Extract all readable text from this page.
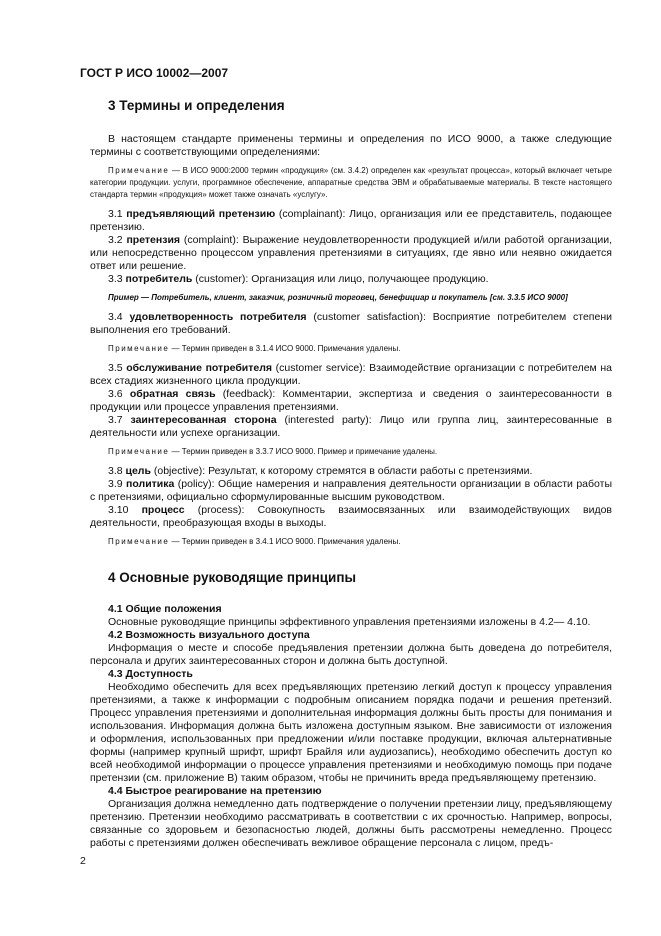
ГОСТ Р ИСО 10002—2007
3 Термины и определения

В настоящем стандарте применены термины и определения по ИСО 9000, а также следующие термины с соответствующими определениями:

Примечание — В ИСО 9000:2000 термин «продукция» (см. 3.4.2) определен как «результат процесса», который включает четыре категории продукции. услуги, программное обеспечение, аппаратные средства ЭВМ и обрабатываемые материалы. В тексте настоящего стандарта термин «продукция» может также означать «услугу».

3.1 предъявляющий претензию (complainant): Лицо, организация или ее представитель, подающее претензию.

3.2 претензия (complaint): Выражение неудовлетворенности продукцией и/или работой организации, или непосредственно процессом управления претензиями в ситуациях, где явно или неявно ожидается ответ или решение.

3.3 потребитель (customer): Организация или лицо, получающее продукцию.

Пример — Потребитель, клиент, заказчик, розничный торговец, бенефициар и покупатель [см. 3.3.5 ИСО 9000]

3.4 удовлетворенность потребителя (customer satisfaction): Восприятие потребителем степени выполнения его требований.

Примечание — Термин приведен в 3.1.4 ИСО 9000. Примечания удалены.

3.5 обслуживание потребителя (customer service): Взаимодействие организации с потребителем на всех стадиях жизненного цикла продукции.

3.6 обратная связь (feedback): Комментарии, экспертиза и сведения о заинтересованности в продукции или процессе управления претензиями.

3.7 заинтересованная сторона (interested party): Лицо или группа лиц, заинтересованные в деятельности или успехе организации.

Примечание — Термин приведен в 3.3.7 ИСО 9000. Пример и примечание удалены.

3.8 цель (objective): Результат, к которому стремятся в области работы с претензиями.

3.9 политика (policy): Общие намерения и направления деятельности организации в области работы с претензиями, официально сформулированные высшим руководством.

3.10 процесс (process): Совокупность взаимосвязанных или взаимодействующих видов деятельности, преобразующая входы в выходы.

Примечание — Термин приведен в 3.4.1 ИСО 9000. Примечания удалены.

4 Основные руководящие принципы
4.1 Общие положения

Основные руководящие принципы эффективного управления претензиями изложены в 4.2— 4.10.

4.2 Возможность визуального доступа

Информация о месте и способе предъявления претензии должна быть доведена до потребителя, персонала и других заинтересованных сторон и должна быть доступной.

4.3 Доступность

Необходимо обеспечить для всех предъявляющих претензию легкий доступ к процессу управления претензиями, а также к информации с подробным описанием порядка подачи и решения претензий. Процесс управления претензиями и дополнительная информация должны быть просты для понимания и использования. Информация должна быть изложена доступным языком. Вне зависимости от изложения и оформления, использованных при предложении и/или поставке продукции, включая альтернативные формы (например крупный шрифт, шрифт Брайля или аудиозапись), необходимо обеспечить доступ ко всей необходимой информации о процессе управления претензиями и необходимую помощь при подаче претензии (см. приложение В) таким образом, чтобы не причинить вреда предъявляющему претензию.

4.4 Быстрое реагирование на претензию

Организация должна немедленно дать подтверждение о получении претензии лицу, предъявляющему претензию. Претензии необходимо рассматривать в соответствии с их срочностью. Например, вопросы, связанные со здоровьем и безопасностью людей, должны быть рассмотрены немедленно. Процесс работы с претензиями должен обеспечивать вежливое обращение персонала с лицом, предъ-

2
